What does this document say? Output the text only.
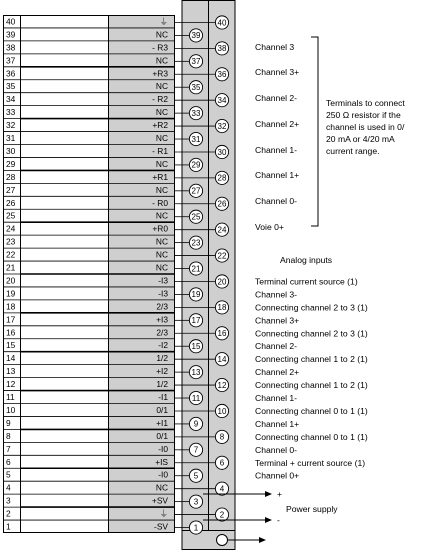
40	⏚
39	NC
38	- R3
37	NC
36	+R3
35	NC
34	- R2
33	NC
32	+R2
31	NC
30	- R1
29	NC
28	+R1
27	NC
26	- R0
25	NC
24	+R0
23	NC
22	NC
21	NC
20	-I3
19	-I3
18	2/3
17	+I3
16	2/3
15	-I2
14	1/2
13	+I2
12	1/2
11	-I1
10	0/1
9	+I1
8	0/1
7	-I0
6	+IS
5	-I0
4	NC
3	+SV
2	⏚
1	-SV
40
39
38
37
36
35
34
33
32
31
30
29
28
27
26
25
24
23
22
21
20
19
18
17
16
15
14
13
12
11
10
9
8
7
6
5
4
3
2
1
Channel 3
Channel 3+
Channel 2-
Channel 2+
Channel 1-
Channel 1+
Channel 0-
Voie 0+
Terminals to connect
250 Ω resistor if the
channel is used in 0/
20 mA or 4/20 mA
current range.
Analog inputs
Terminal current source (1)
Channel 3-
Connecting channel 2 to 3 (1)
Channel 3+
Connecting channel 2 to 3 (1)
Channel 2-
Connecting channel 1 to 2 (1)
Channel 2+
Connecting channel 1 to 2 (1)
Channel 1-
Connecting channel 0 to 1 (1)
Channel 1+
Connecting channel 0 to 1 (1)
Channel 0-
Terminal + current source (1)
Channel 0+
+
-
Power supply
